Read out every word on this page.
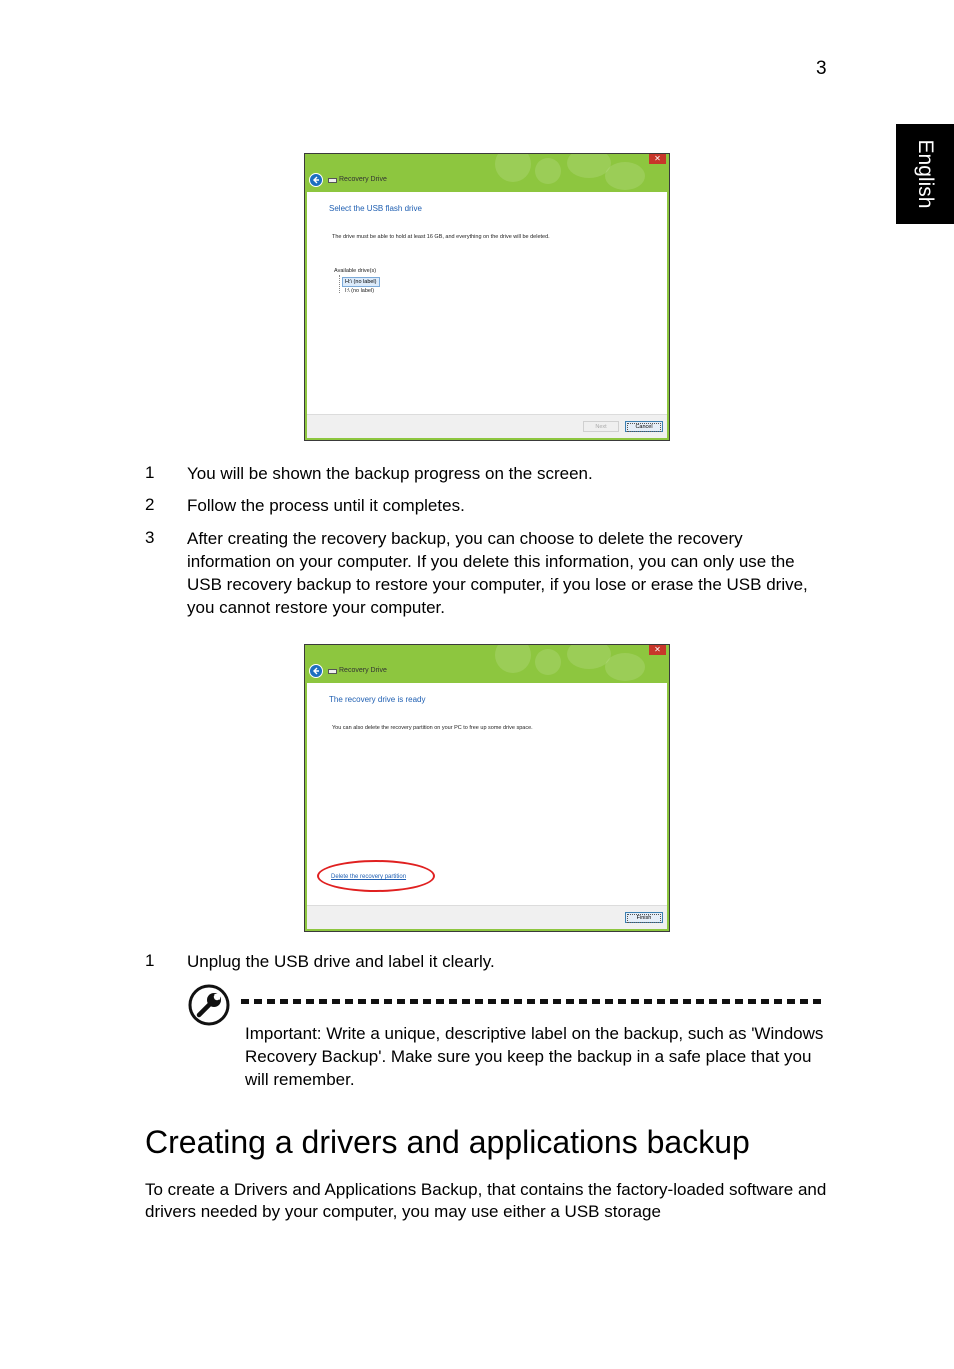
3
English
✕
Recovery Drive
Select the USB flash drive
The drive must be able to hold at least 16 GB, and everything on the drive will be deleted.
Available drive(s)
H:\ (no label)
I:\ (no label)
Next	Cancel
1 You will be shown the backup progress on the screen.
2 Follow the process until it completes.
3 After creating the recovery backup, you can choose to delete the recovery information on your computer. If you delete this information, you can only use the USB recovery backup to restore your computer, if you lose or erase the USB drive, you cannot restore your computer.
✕
Recovery Drive
The recovery drive is ready
You can also delete the recovery partition on your PC to free up some drive space.
Delete the recovery partition
Finish
1 Unplug the USB drive and label it clearly.
Important: Write a unique, descriptive label on the backup, such as 'Windows Recovery Backup'. Make sure you keep the backup in a safe place that you will remember.
Creating a drivers and applications backup
To create a Drivers and Applications Backup, that contains the factory-loaded software and drivers needed by your computer, you may use either a USB storage
